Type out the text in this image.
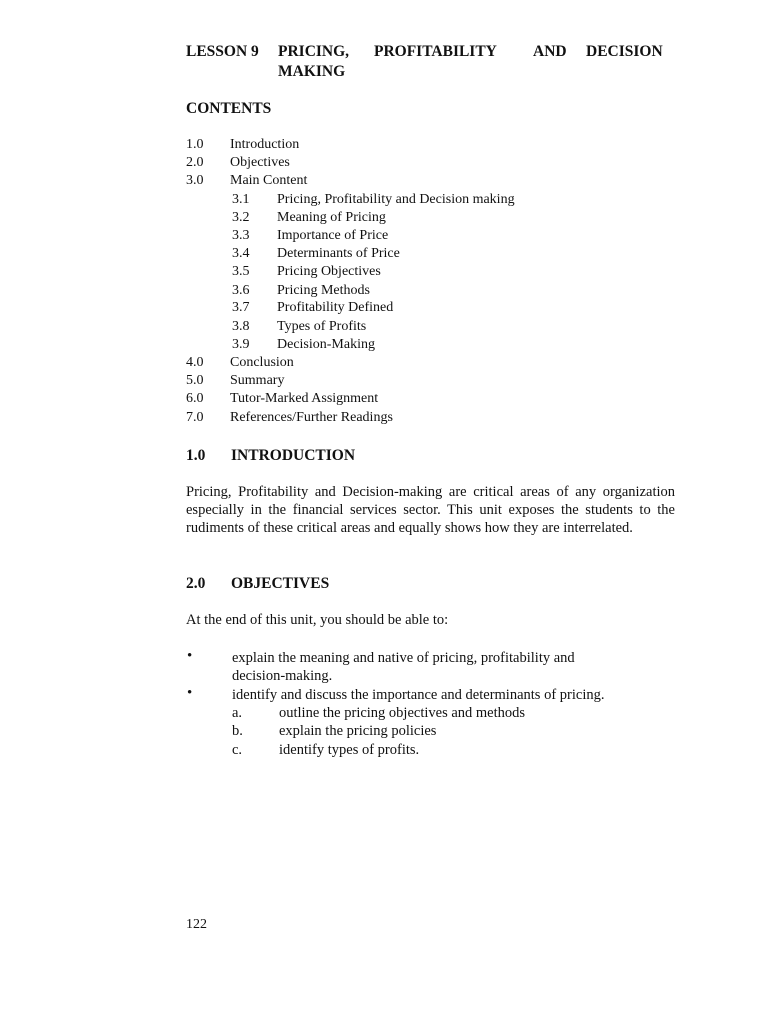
LESSON 9 PRICING, PROFITABILITY AND DECISION
MAKING
CONTENTS
1.0 Introduction
2.0 Objectives
3.0 Main Content
3.1 Pricing, Profitability and Decision making
3.2 Meaning of Pricing
3.3 Importance of Price
3.4 Determinants of Price
3.5 Pricing Objectives
3.6 Pricing Methods
3.7 Profitability Defined
3.8 Types of Profits
3.9 Decision-Making
4.0 Conclusion
5.0 Summary
6.0 Tutor-Marked Assignment
7.0 References/Further Readings
1.0 INTRODUCTION

Pricing, Profitability and Decision-making are critical areas of any organization especially in the financial services sector. This unit exposes the students to the rudiments of these critical areas and equally shows how they are interrelated.

2.0 OBJECTIVES
At the end of this unit, you should be able to:
•	explain the meaning and native of pricing, profitability and
decision-making.
•	identify and discuss the importance and determinants of pricing.
a.	outline the pricing objectives and methods
b. explain the pricing policies
c.	identify types of profits.
122
